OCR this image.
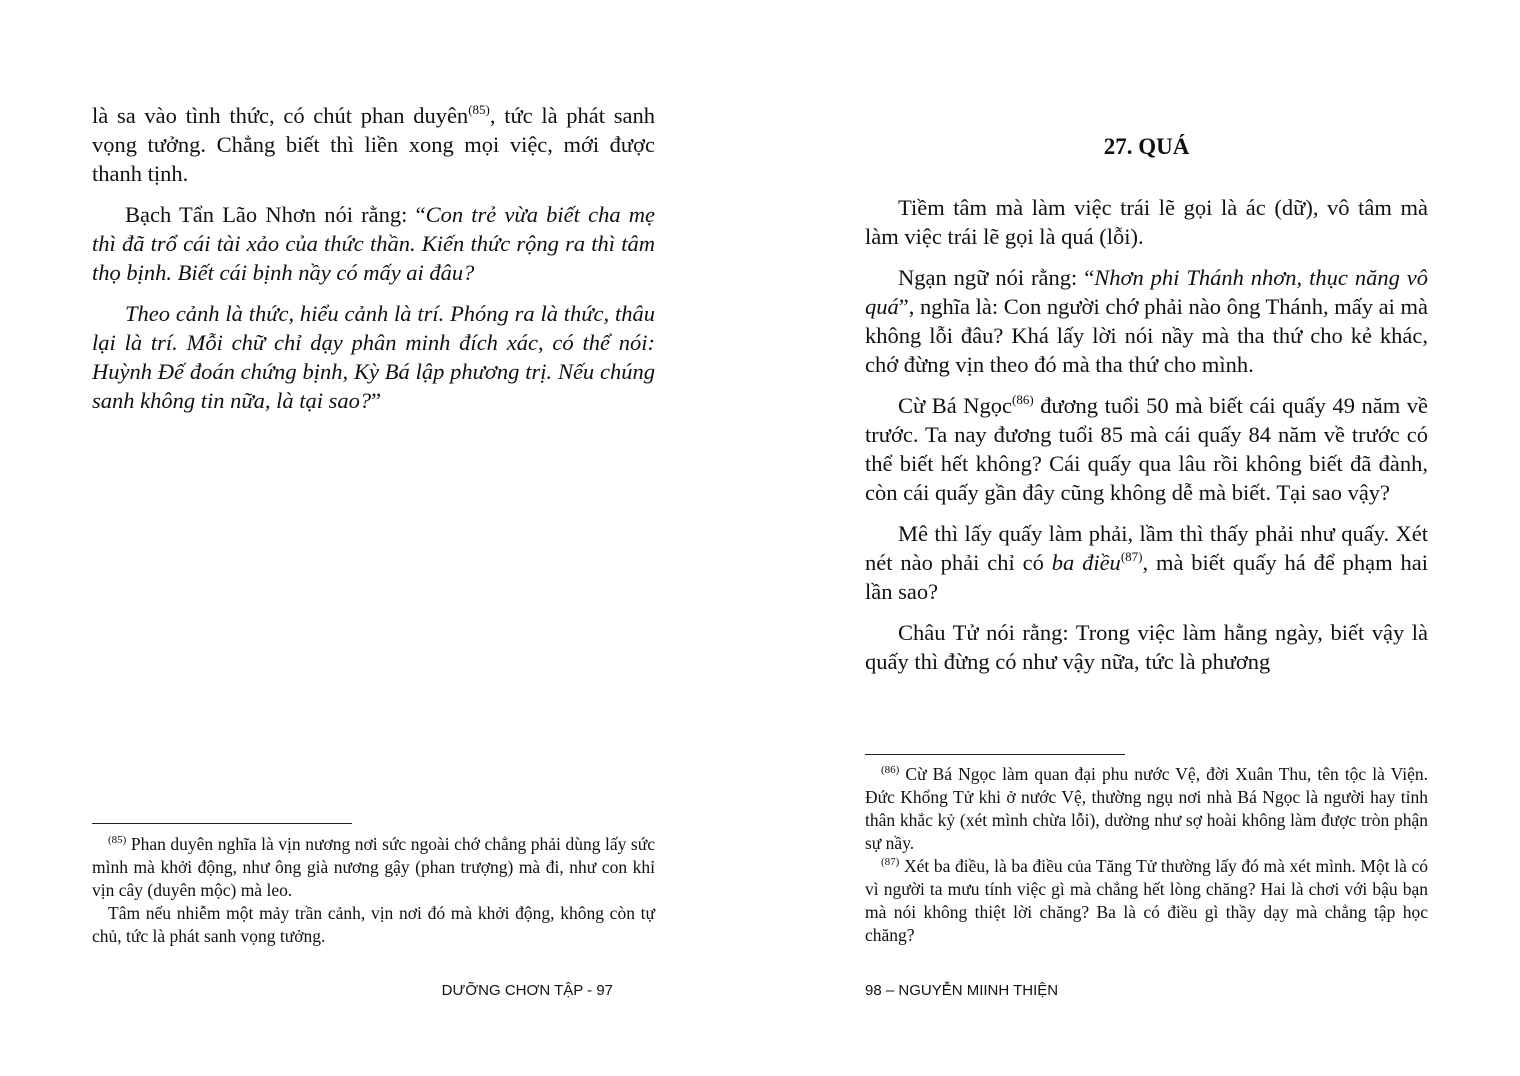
là sa vào tình thức, có chút phan duyên$^{(85)}$, tức là phát sanh vọng tưởng. Chẳng biết thì liền xong mọi việc, mới được thanh tịnh.

Bạch Tẩn Lão Nhơn nói rằng: “Con trẻ vừa biết cha mẹ thì đã trổ cái tài xảo của thức thần. Kiến thức rộng ra thì tâm thọ bịnh. Biết cái bịnh nầy có mấy ai đâu?

Theo cảnh là thức, hiểu cảnh là trí. Phóng ra là thức, thâu lại là trí. Mỗi chữ chỉ dạy phân minh đích xác, có thể nói: Huỳnh Đế đoán chứng bịnh, Kỳ Bá lập phương trị. Nếu chúng sanh không tin nữa, là tại sao?”

$^{(85)}$ Phan duyên nghĩa là vịn nương nơi sức ngoài chớ chẳng phải dùng lấy sức mình mà khởi động, như ông già nương gậy (phan trượng) mà đi, như con khỉ vịn cây (duyên mộc) mà leo.

Tâm nếu nhiễm một mảy trần cảnh, vịn nơi đó mà khởi động, không còn tự chủ, tức là phát sanh vọng tưởng.

DƯỠNG CHƠN TẬP - 97
27. QUÁ

Tiềm tâm mà làm việc trái lẽ gọi là ác (dữ), vô tâm mà làm việc trái lẽ gọi là quá (lỗi).

Ngạn ngữ nói rằng: “Nhơn phi Thánh nhơn, thục năng vô quá”, nghĩa là: Con người chớ phải nào ông Thánh, mấy ai mà không lỗi đâu? Khá lấy lời nói nầy mà tha thứ cho kẻ khác, chớ đừng vịn theo đó mà tha thứ cho mình.

Cừ Bá Ngọc$^{(86)}$ đương tuổi 50 mà biết cái quấy 49 năm về trước. Ta nay đương tuổi 85 mà cái quấy 84 năm về trước có thể biết hết không? Cái quấy qua lâu rồi không biết đã đành, còn cái quấy gần đây cũng không dễ mà biết. Tại sao vậy?

Mê thì lấy quấy làm phải, lầm thì thấy phải như quấy. Xét nét nào phải chỉ có ba điều$^{(87)}$, mà biết quấy há để phạm hai lần sao?

Châu Tử nói rằng: Trong việc làm hằng ngày, biết vậy là quấy thì đừng có như vậy nữa, tức là phương

$^{(86)}$ Cừ Bá Ngọc làm quan đại phu nước Vệ, đời Xuân Thu, tên tộc là Viện. Đức Khổng Tử khi ở nước Vệ, thường ngụ nơi nhà Bá Ngọc là người hay tỉnh thân khắc kỷ (xét mình chừa lỗi), dường như sợ hoài không làm được tròn phận sự nầy.

$^{(87)}$ Xét ba điều, là ba điều của Tăng Tử thường lấy đó mà xét mình. Một là có vì người ta mưu tính việc gì mà chẳng hết lòng chăng? Hai là chơi với bậu bạn mà nói không thiệt lời chăng? Ba là có điều gì thầy dạy mà chẳng tập học chăng?

98 – NGUYỄN MIINH THIỆN
